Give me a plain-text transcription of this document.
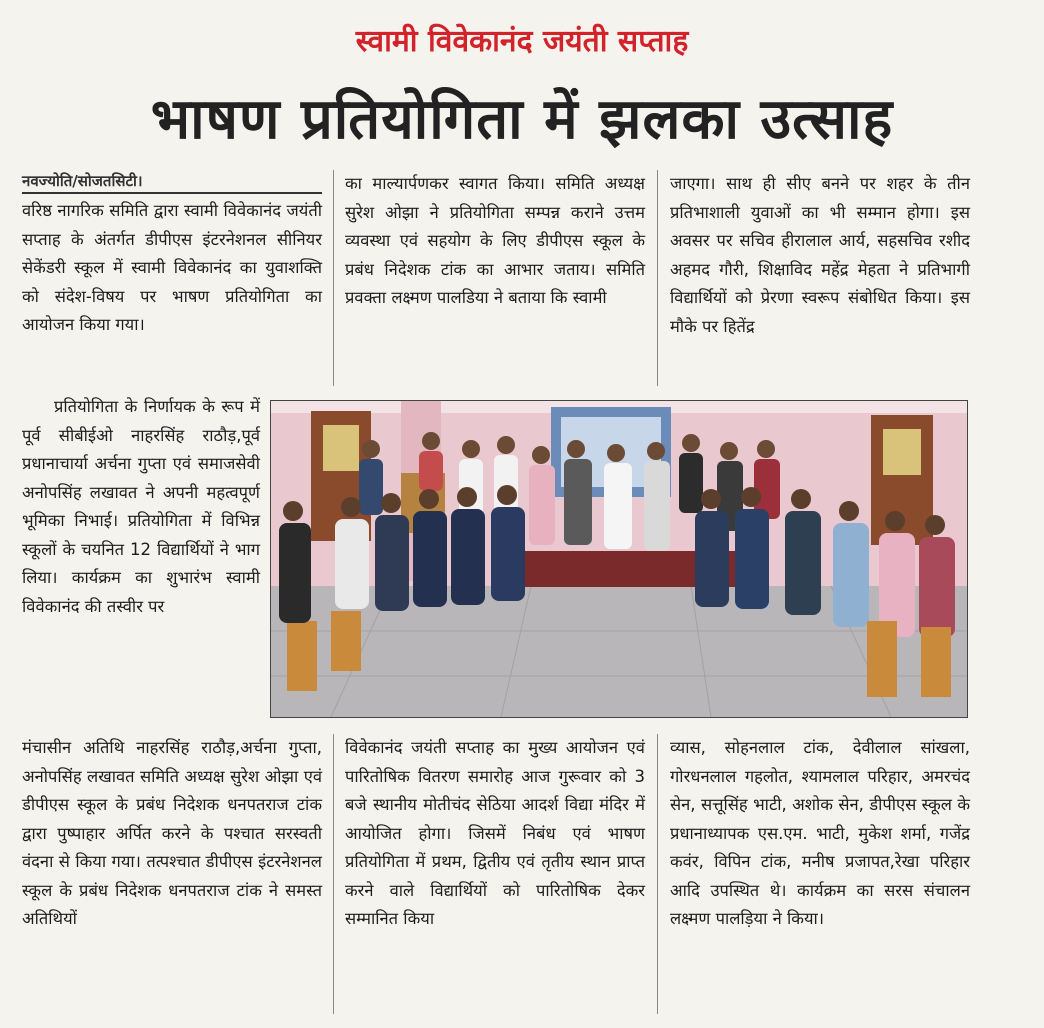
स्वामी विवेकानंद जयंती सप्ताह
भाषण प्रतियोगिता में झलका उत्साह
नवज्योति/सोजतसिटी।

वरिष्ठ नागरिक समिति द्वारा स्वामी विवेकानंद जयंती सप्ताह के अंतर्गत डीपीएस इंटरनेशनल सीनियर सेकेंडरी स्कूल में स्वामी विवेकानंद का युवाशक्ति को संदेश-विषय पर भाषण प्रतियोगिता का आयोजन किया गया।

प्रतियोगिता के निर्णायक के रूप में पूर्व सीबीईओ नाहरसिंह राठौड़,पूर्व प्रधानाचार्या अर्चना गुप्ता एवं समाजसेवी अनोपसिंह लखावत ने अपनी महत्वपूर्ण भूमिका निभाई। प्रतियोगिता में विभिन्न स्कूलों के चयनित 12 विद्यार्थियों ने भाग लिया। कार्यक्रम का शुभारंभ स्वामी विवेकानंद की तस्वीर पर

मंचासीन अतिथि नाहरसिंह राठौड़,अर्चना गुप्ता, अनोपसिंह लखावत समिति अध्यक्ष सुरेश ओझा एवं डीपीएस स्कूल के प्रबंध निदेशक धनपतराज टांक द्वारा पुष्पाहार अर्पित करने के पश्चात सरस्वती वंदना से किया गया। तत्पश्चात डीपीएस इंटरनेशनल स्कूल के प्रबंध निदेशक धनपतराज टांक ने समस्त अतिथियों

का माल्यार्पणकर स्वागत किया। समिति अध्यक्ष सुरेश ओझा ने प्रतियोगिता सम्पन्न कराने उत्तम व्यवस्था एवं सहयोग के लिए डीपीएस स्कूल के प्रबंध निदेशक टांक का आभार जताय। समिति प्रवक्ता लक्ष्मण पालडिया ने बताया कि स्वामी

विवेकानंद जयंती सप्ताह का मुख्य आयोजन एवं पारितोषिक वितरण समारोह आज गुरूवार को 3 बजे स्थानीय मोतीचंद सेठिया आदर्श विद्या मंदिर में आयोजित होगा। जिसमें निबंध एवं भाषण प्रतियोगिता में प्रथम, द्वितीय एवं तृतीय स्थान प्राप्त करने वाले विद्यार्थियों को पारितोषिक देकर सम्मानित किया

जाएगा। साथ ही सीए बनने पर शहर के तीन प्रतिभाशाली युवाओं का भी सम्मान होगा। इस अवसर पर सचिव हीरालाल आर्य, सहसचिव रशीद अहमद गौरी, शिक्षाविद महेंद्र मेहता ने प्रतिभागी विद्यार्थियों को प्रेरणा स्वरूप संबोधित किया। इस मौके पर हितेंद्र

व्यास, सोहनलाल टांक, देवीलाल सांखला, गोरधनलाल गहलोत, श्यामलाल परिहार, अमरचंद सेन, सत्तूसिंह भाटी, अशोक सेन, डीपीएस स्कूल के प्रधानाध्यापक एस.एम. भाटी, मुकेश शर्मा, गजेंद्र कवंर, विपिन टांक, मनीष प्रजापत,रेखा परिहार आदि उपस्थित थे। कार्यक्रम का सरस संचालन लक्ष्मण पालड़िया ने किया।
